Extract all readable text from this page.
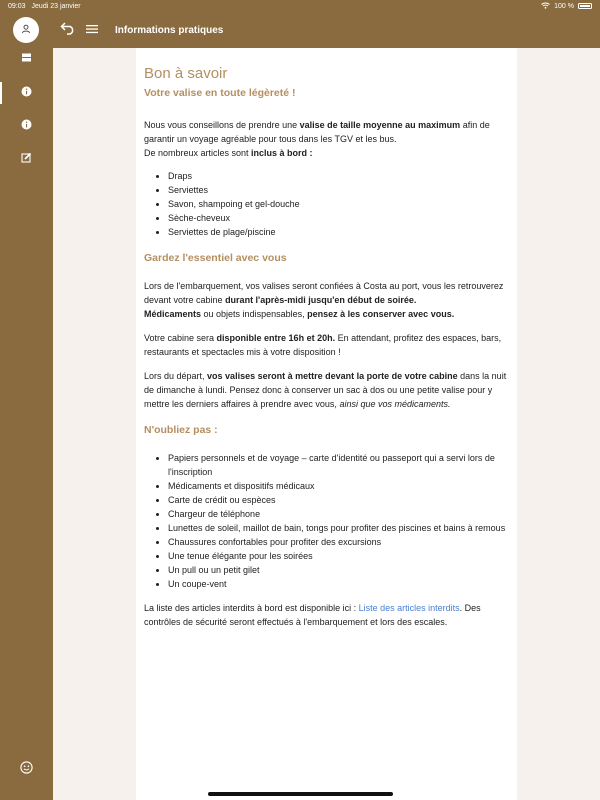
09:03 Jeudi 23 janvier	100 %
Informations pratiques
Bon à savoir
Votre valise en toute légèreté !

Nous vous conseillons de prendre une valise de taille moyenne au maximum afin de garantir un voyage agréable pour tous dans les TGV et les bus.
De nombreux articles sont inclus à bord :

• Draps
• Serviettes
• Savon, shampoing et gel-douche
• Sèche-cheveux
• Serviettes de plage/piscine
Gardez l'essentiel avec vous

Lors de l'embarquement, vos valises seront confiées à Costa au port, vous les retrouverez devant votre cabine durant l'après-midi jusqu'en début de soirée.
Médicaments ou objets indispensables, pensez à les conserver avec vous.

Votre cabine sera disponible entre 16h et 20h. En attendant, profitez des espaces, bars, restaurants et spectacles mis à votre disposition !

Lors du départ, vos valises seront à mettre devant la porte de votre cabine dans la nuit de dimanche à lundi. Pensez donc à conserver un sac à dos ou une petite valise pour y mettre les derniers affaires à prendre avec vous, ainsi que vos médicaments.

N'oubliez pas :
• Papiers personnels et de voyage – carte d'identité ou passeport qui a servi lors de l'inscription
• Médicaments et dispositifs médicaux
• Carte de crédit ou espèces
• Chargeur de téléphone
• Lunettes de soleil, maillot de bain, tongs pour profiter des piscines et bains à remous
• Chaussures confortables pour profiter des excursions
• Une tenue élégante pour les soirées
• Un pull ou un petit gilet
• Un coupe-vent

La liste des articles interdits à bord est disponible ici : Liste des articles interdits. Des contrôles de sécurité seront effectués à l'embarquement et lors des escales.
